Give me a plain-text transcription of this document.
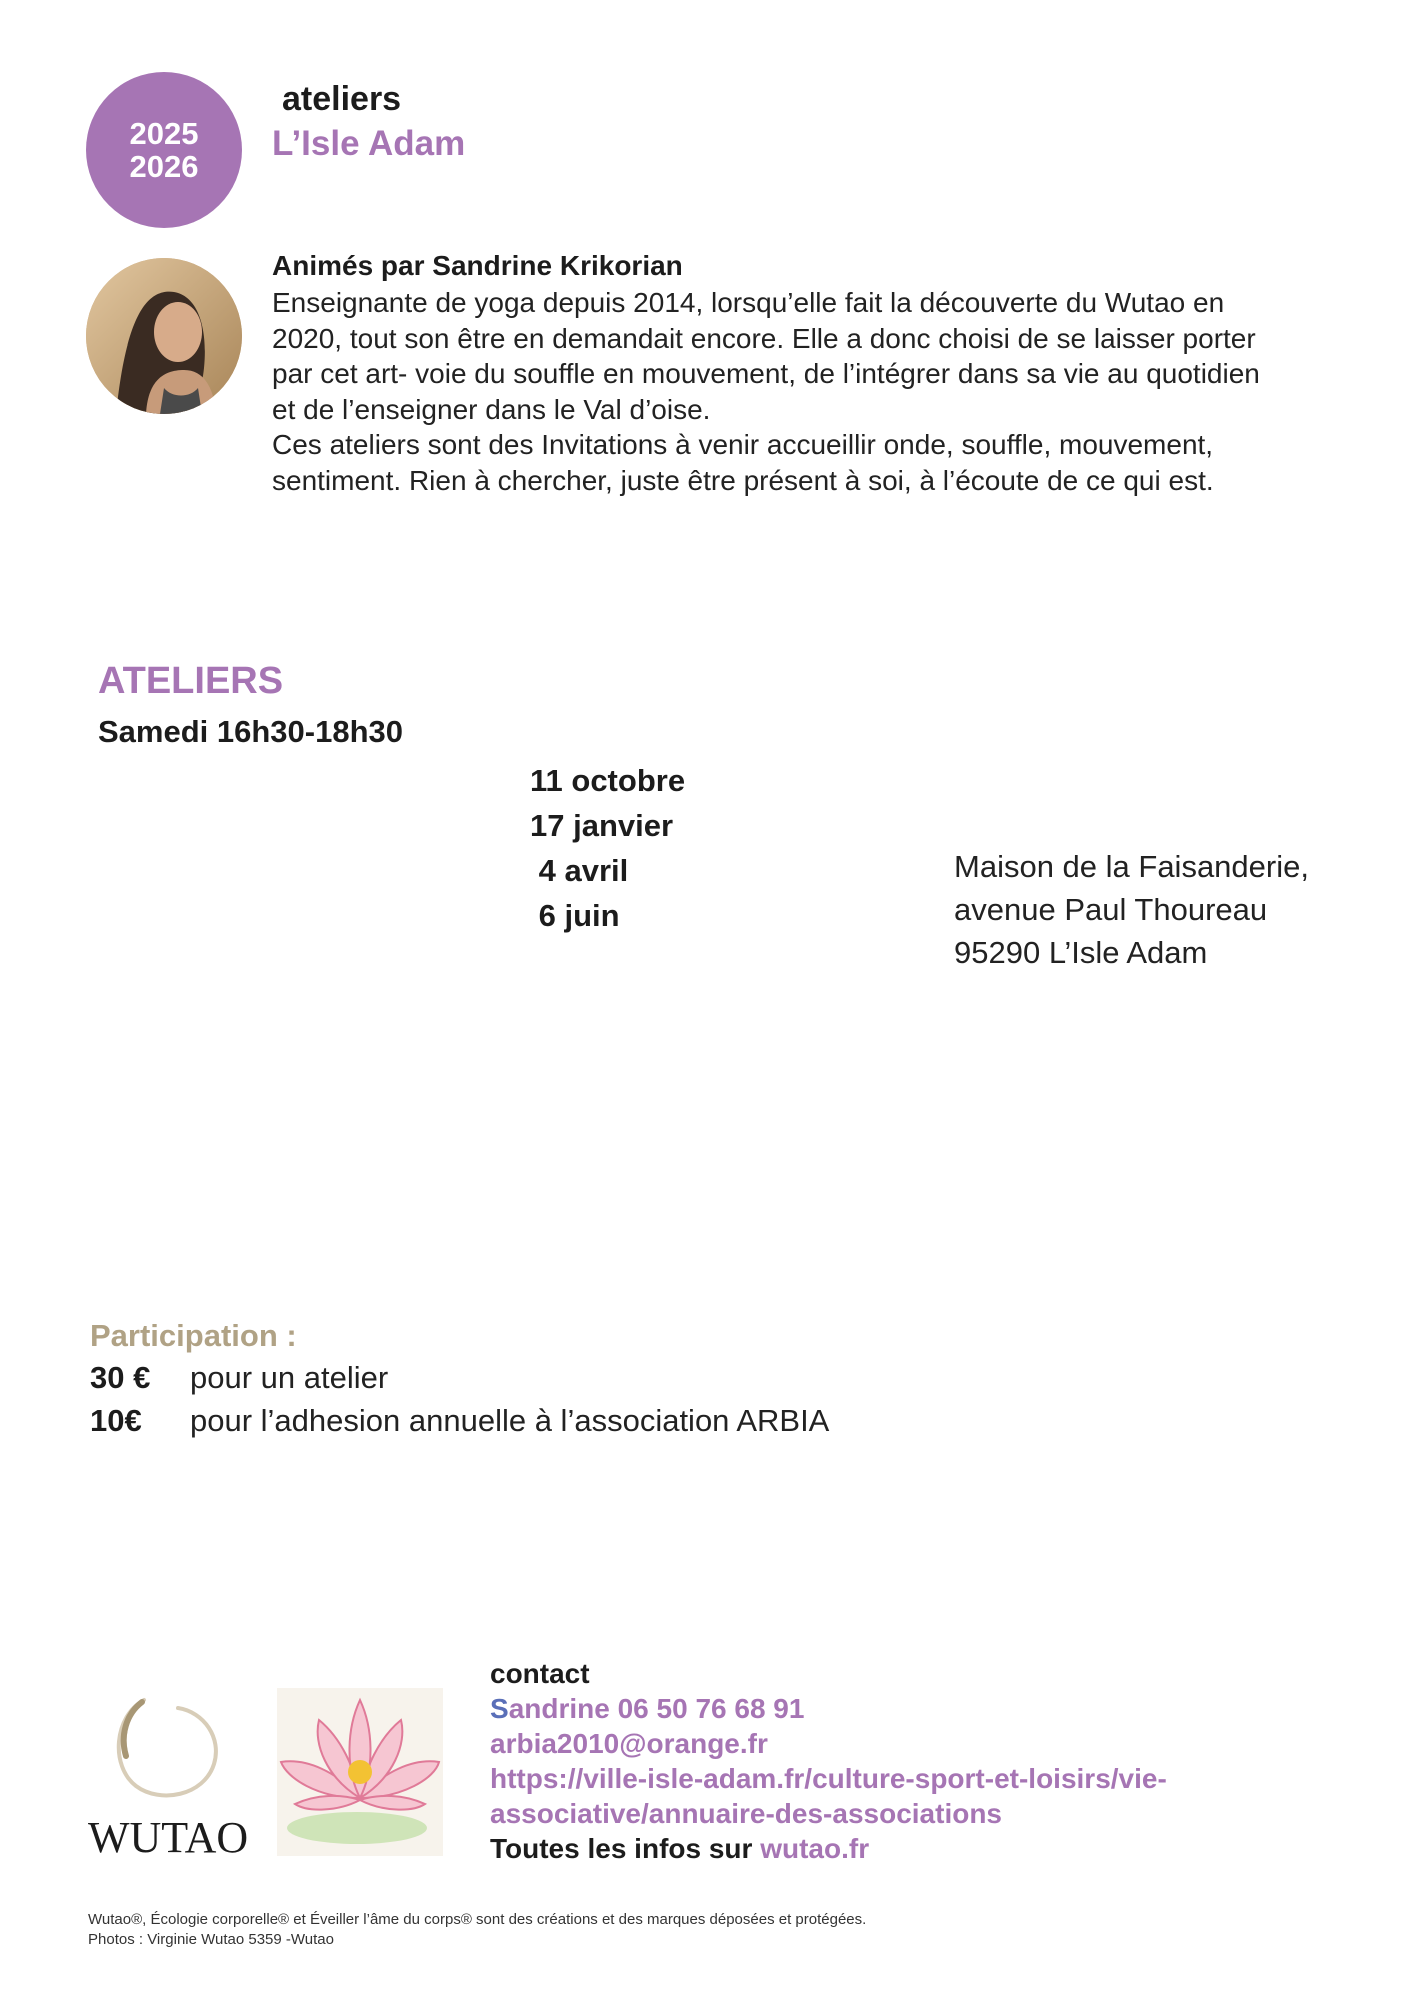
2025
2026
ateliers
L’Isle Adam
Animés par Sandrine Krikorian
Enseignante de yoga depuis 2014, lorsqu’elle fait la découverte du Wutao en
2020, tout son être en demandait encore. Elle a donc choisi de se laisser porter
par cet art- voie du souffle en mouvement, de l’intégrer dans sa vie au quotidien
et de l’enseigner dans le Val d’oise.
Ces ateliers sont des Invitations à venir accueillir onde, souffle, mouvement,
sentiment. Rien à chercher, juste être présent à soi, à l’écoute de ce qui est.
ATELIERS
Samedi 16h30-18h30
11 octobre
17 janvier
4 avril
6 juin
Maison de la Faisanderie,
avenue Paul Thoureau
95290 L’Isle Adam
Participation :
30 €	pour un atelier
10€	pour l’adhesion annuelle à l’association ARBIA
WUTAO
contact
Sandrine 06 50 76 68 91
arbia2010@orange.fr
https://ville-isle-adam.fr/culture-sport-et-loisirs/vie-
associative/annuaire-des-associations
Toutes les infos sur wutao.fr
Wutao®, Écologie corporelle® et Éveiller l’âme du corps® sont des créations et des marques déposées et protégées.
Photos : Virginie Wutao 5359 -Wutao
